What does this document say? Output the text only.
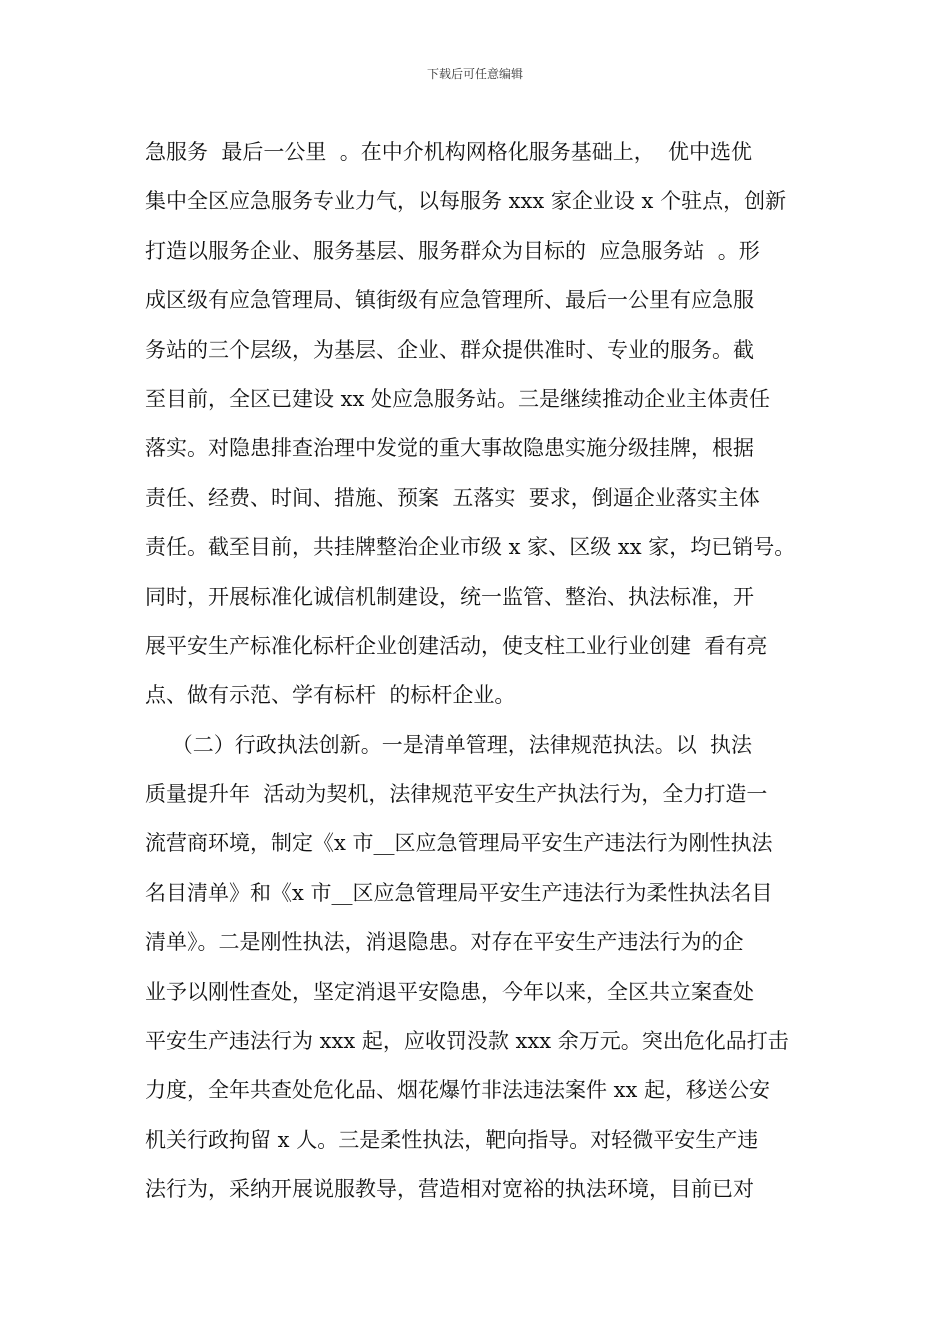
下载后可任意编辑
急服务  最后一公里  。在中介机构网格化服务基础上，  优中选优
集中全区应急服务专业力气，以每服务 xxx 家企业设 x 个驻点，创新
打造以服务企业、服务基层、服务群众为目标的  应急服务站  。形
成区级有应急管理局、镇街级有应急管理所、最后一公里有应急服
务站的三个层级，为基层、企业、群众提供准时、专业的服务。截
至目前，全区已建设 xx 处应急服务站。三是继续推动企业主体责任
落实。对隐患排查治理中发觉的重大事故隐患实施分级挂牌，根据
责任、经费、时间、措施、预案  五落实  要求，倒逼企业落实主体
责任。截至目前，共挂牌整治企业市级 x 家、区级 xx 家，均已销号。
同时，开展标准化诚信机制建设，统一监管、整治、执法标准，开
展平安生产标准化标杆企业创建活动，使支柱工业行业创建  看有亮
点、做有示范、学有标杆  的标杆企业。
（二）行政执法创新。一是清单管理，法律规范执法。以  执法
质量提升年  活动为契机，法律规范平安生产执法行为，全力打造一
流营商环境，制定《x 市__区应急管理局平安生产违法行为刚性执法
名目清单》和《x 市__区应急管理局平安生产违法行为柔性执法名目
清单》。二是刚性执法，消退隐患。对存在平安生产违法行为的企
业予以刚性查处，坚定消退平安隐患，今年以来，全区共立案查处
平安生产违法行为 xxx 起，应收罚没款 xxx 余万元。突出危化品打击
力度，全年共查处危化品、烟花爆竹非法违法案件 xx 起，移送公安
机关行政拘留 x 人。三是柔性执法，靶向指导。对轻微平安生产违
法行为，采纳开展说服教导，营造相对宽裕的执法环境，目前已对
